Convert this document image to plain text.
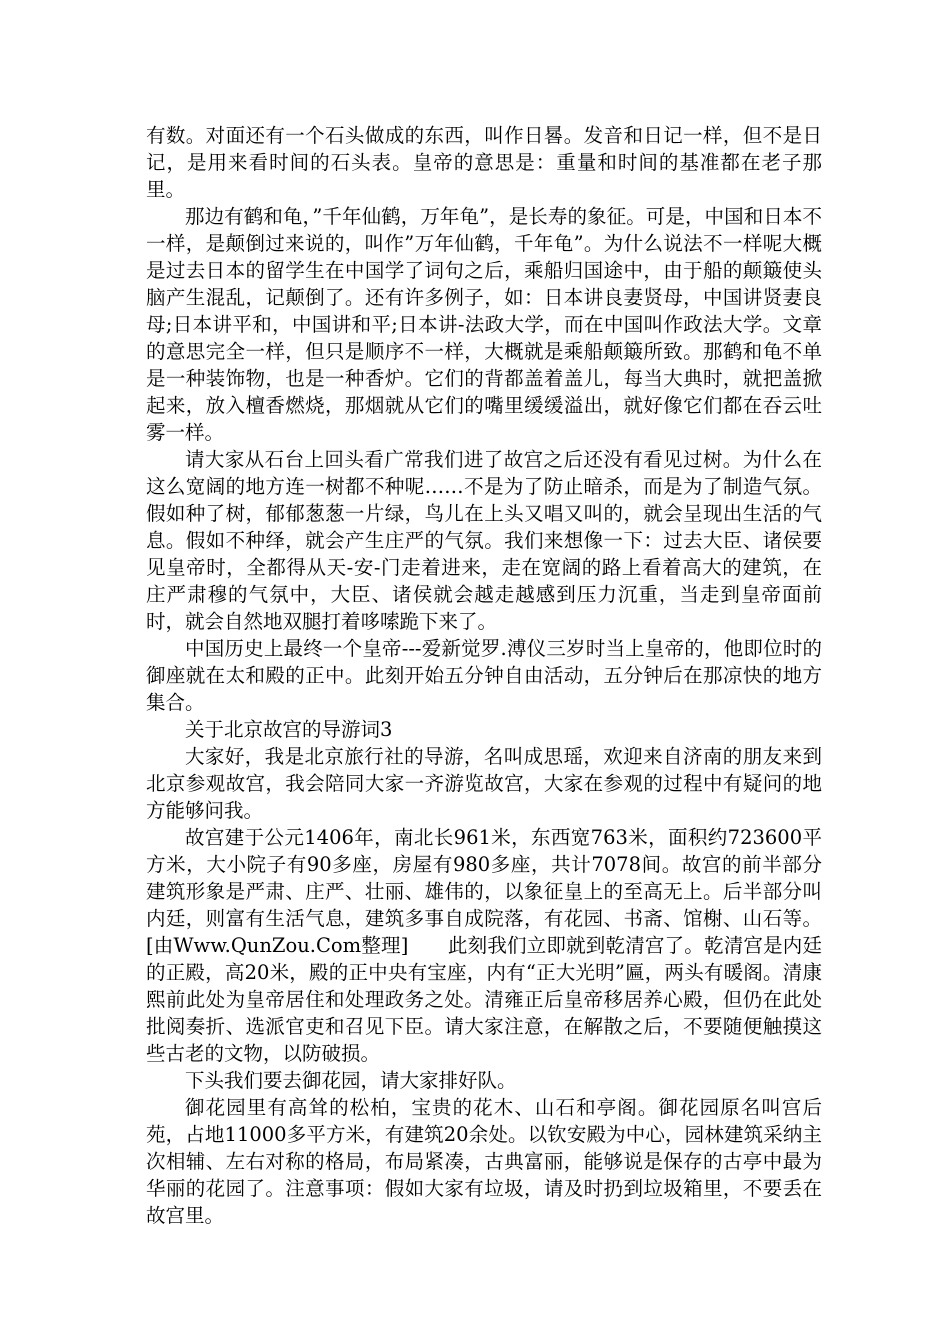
有数。对面还有一个石头做成的东西，叫作日晷。发音和日记一样，但不是日记，是用来看时间的石头表。皇帝的意思是：重量和时间的基准都在老子那里。

那边有鹤和龟，”千年仙鹤，万年龟”，是长寿的象征。可是，中国和日本不一样，是颠倒过来说的，叫作”万年仙鹤，千年龟”。为什么说法不一样呢大概是过去日本的留学生在中国学了词句之后，乘船归国途中，由于船的颠簸使头脑产生混乱，记颠倒了。还有许多例子，如：日本讲良妻贤母，中国讲贤妻良母;日本讲平和，中国讲和平;日本讲-法政大学，而在中国叫作政法大学。文章的意思完全一样，但只是顺序不一样，大概就是乘船颠簸所致。那鹤和龟不单是一种装饰物，也是一种香炉。它们的背都盖着盖儿，每当大典时，就把盖掀起来，放入檀香燃烧，那烟就从它们的嘴里缓缓溢出，就好像它们都在吞云吐雾一样。

请大家从石台上回头看广常我们进了故宫之后还没有看见过树。为什么在这么宽阔的地方连一树都不种呢……不是为了防止暗杀，而是为了制造气氛。假如种了树，郁郁葱葱一片绿，鸟儿在上头又唱又叫的，就会呈现出生活的气息。假如不种绎，就会产生庄严的气氛。我们来想像一下：过去大臣、诸侯要见皇帝时，全都得从天-安-门走着进来，走在宽阔的路上看着高大的建筑，在庄严肃穆的气氛中，大臣、诸侯就会越走越感到压力沉重，当走到皇帝面前时，就会自然地双腿打着哆嗦跪下来了。

中国历史上最终一个皇帝---爱新觉罗.溥仪三岁时当上皇帝的，他即位时的御座就在太和殿的正中。此刻开始五分钟自由活动，五分钟后在那凉快的地方集合。

关于北京故宫的导游词3

大家好，我是北京旅行社的导游，名叫成思瑶，欢迎来自济南的朋友来到北京参观故宫，我会陪同大家一齐游览故宫，大家在参观的过程中有疑问的地方能够问我。

故宫建于公元1406年，南北长961米，东西宽763米，面积约723600平方米，大小院子有90多座，房屋有980多座，共计7078间。故宫的前半部分建筑形象是严肃、庄严、壮丽、雄伟的，以象征皇上的至高无上。后半部分叫内廷，则富有生活气息，建筑多事自成院落，有花园、书斋、馆榭、山石等。[由Www.QunZou.Com整理]　　此刻我们立即就到乾清宫了。乾清宫是内廷的正殿，高20米，殿的正中央有宝座，内有“正大光明”匾，两头有暖阁。清康熙前此处为皇帝居住和处理政务之处。清雍正后皇帝移居养心殿，但仍在此处批阅奏折、选派官吏和召见下臣。请大家注意，在解散之后，不要随便触摸这些古老的文物，以防破损。

下头我们要去御花园，请大家排好队。

御花园里有高耸的松柏，宝贵的花木、山石和亭阁。御花园原名叫宫后苑，占地11000多平方米，有建筑20余处。以钦安殿为中心，园林建筑采纳主次相辅、左右对称的格局，布局紧凑，古典富丽，能够说是保存的古亭中最为华丽的花园了。注意事项：假如大家有垃圾，请及时扔到垃圾箱里，不要丢在故宫里。
